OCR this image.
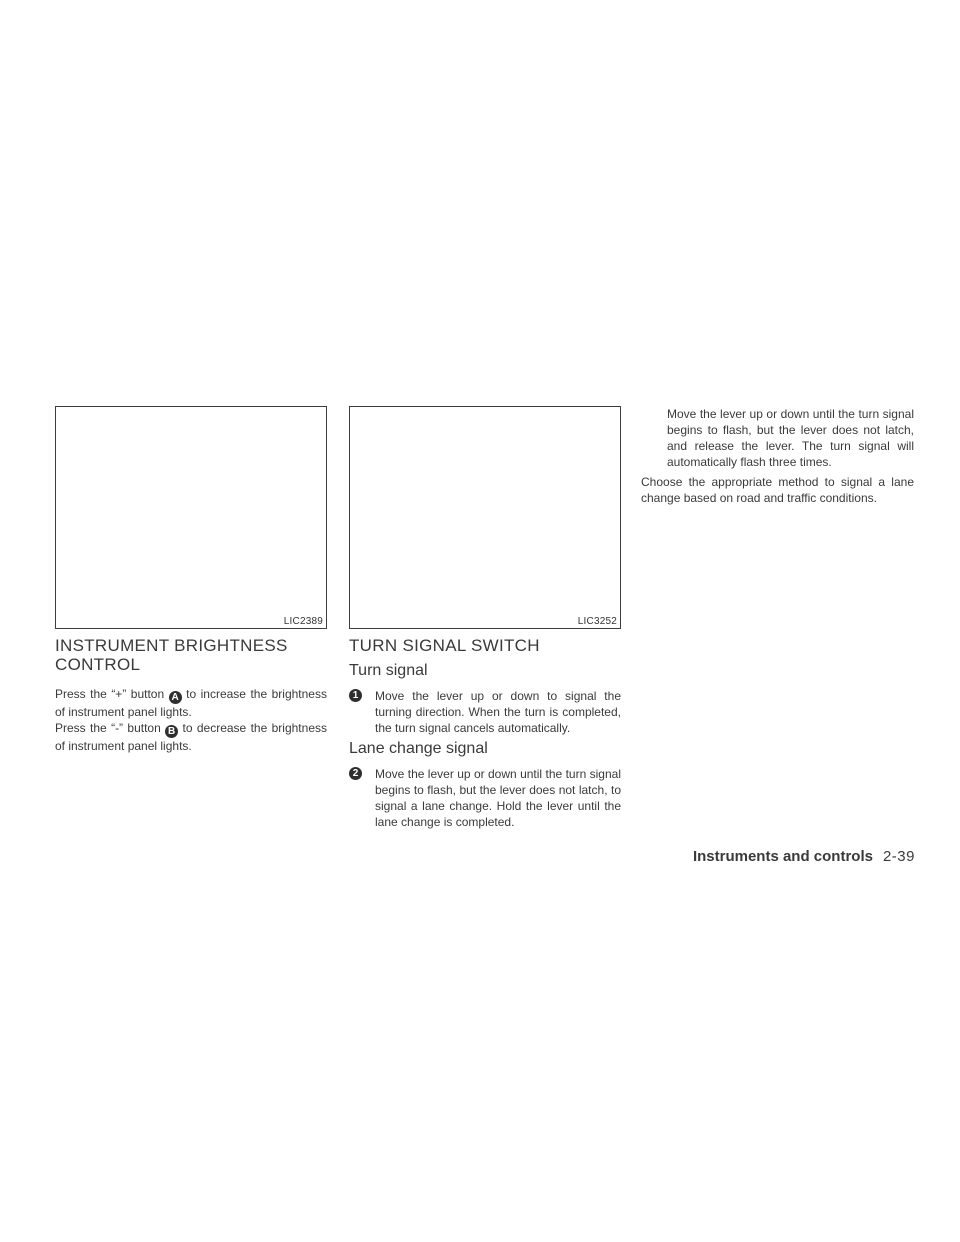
LIC2389	LIC3252
INSTRUMENT BRIGHTNESS CONTROL

Press the “+” button A to increase the brightness of instrument panel lights.

Press the “-” button B to decrease the brightness of instrument panel lights.

TURN SIGNAL SWITCH
Turn signal
1	Move the lever up or down to signal the turning direction. When the turn is completed, the turn signal cancels automatically.
Lane change signal
2	Move the lever up or down until the turn signal begins to flash, but the lever does not latch, to signal a lane change. Hold the lever until the lane change is completed.

Move the lever up or down until the turn signal begins to flash, but the lever does not latch, and release the lever. The turn signal will automatically flash three times.

Choose the appropriate method to signal a lane change based on road and traffic conditions.

Instruments and controls 2-39
